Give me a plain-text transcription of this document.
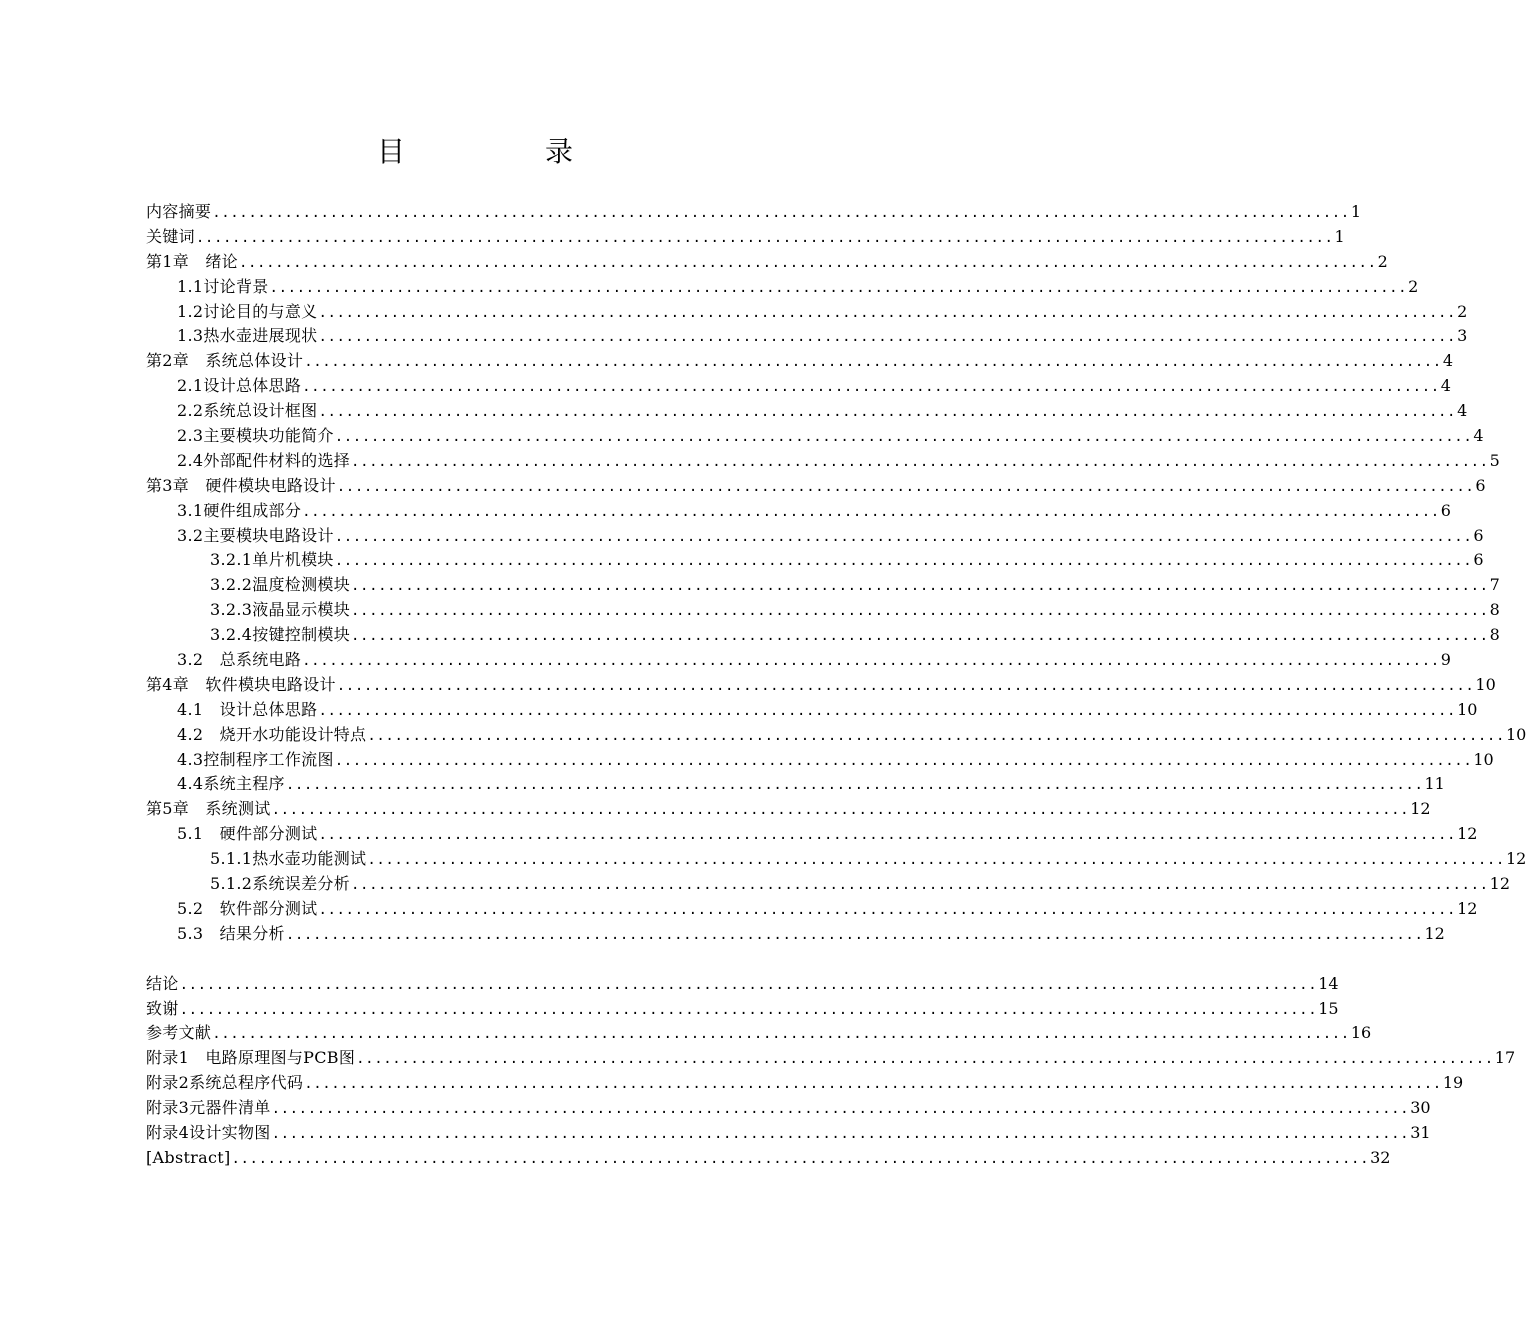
目　录
内容摘要 .............................................................................................................................. 1
关键词 .............................................................................................................................. 1
第1章　绪论 .............................................................................................................................. 2
1.1讨论背景 .............................................................................................................................. 2
1.2讨论目的与意义 .............................................................................................................................. 2
1.3热水壶进展现状 .............................................................................................................................. 3
第2章　系统总体设计 .............................................................................................................................. 4
2.1设计总体思路 .............................................................................................................................. 4
2.2系统总设计框图 .............................................................................................................................. 4
2.3主要模块功能简介 .............................................................................................................................. 4
2.4外部配件材料的选择 .............................................................................................................................. 5
第3章　硬件模块电路设计 .............................................................................................................................. 6
3.1硬件组成部分 .............................................................................................................................. 6
3.2主要模块电路设计 .............................................................................................................................. 6
3.2.1单片机模块 .............................................................................................................................. 6
3.2.2温度检测模块 .............................................................................................................................. 7
3.2.3液晶显示模块 .............................................................................................................................. 8
3.2.4按键控制模块 .............................................................................................................................. 8
3.2　总系统电路 .............................................................................................................................. 9
第4章　软件模块电路设计 .............................................................................................................................. 10
4.1　设计总体思路 .............................................................................................................................. 10
4.2　烧开水功能设计特点 .............................................................................................................................. 10
4.3控制程序工作流图 .............................................................................................................................. 10
4.4系统主程序 .............................................................................................................................. 11
第5章　系统测试 .............................................................................................................................. 12
5.1　硬件部分测试 .............................................................................................................................. 12
5.1.1热水壶功能测试 .............................................................................................................................. 12
5.1.2系统误差分析 .............................................................................................................................. 12
5.2　软件部分测试 .............................................................................................................................. 12
5.3　结果分析 .............................................................................................................................. 12
结论 .............................................................................................................................. 14
致谢 .............................................................................................................................. 15
参考文献 .............................................................................................................................. 16
附录1　电路原理图与PCB图 .............................................................................................................................. 17
附录2系统总程序代码 .............................................................................................................................. 19
附录3元器件清单 .............................................................................................................................. 30
附录4设计实物图 .............................................................................................................................. 31
[Abstract] .............................................................................................................................. 32
